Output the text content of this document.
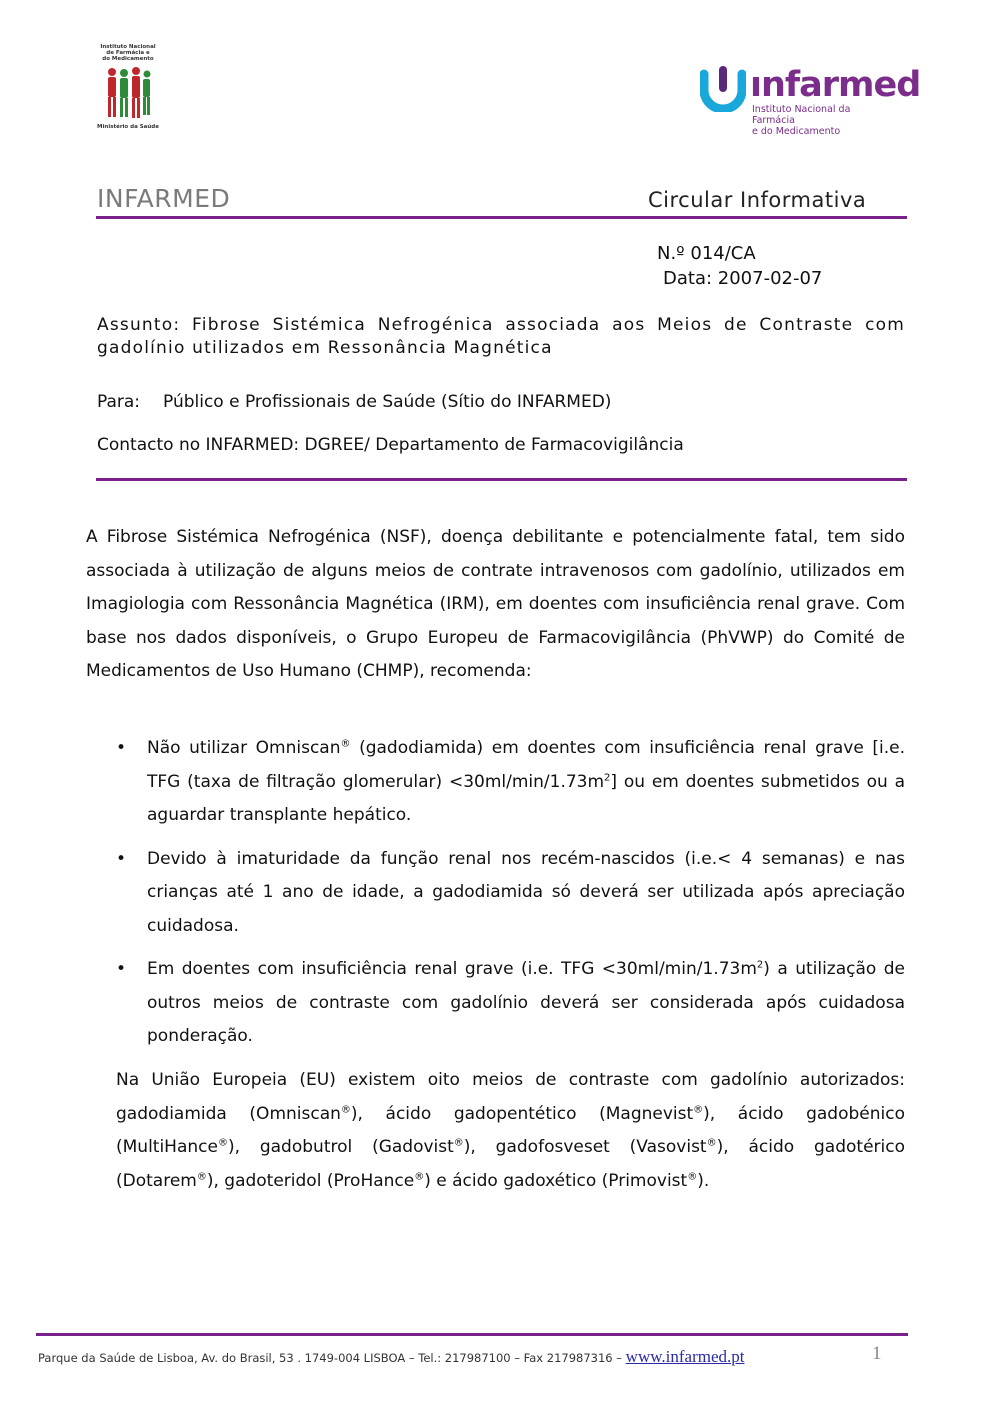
Instituto Nacional
de Farmácia e
do Medicamento
Ministério da Saúde
ınfarmed
Instituto Nacional da Farmácia
e do Medicamento
INFARMED	Circular Informativa
N.º 014/CA
Data: 2007-02-07
Assunto: Fibrose Sistémica Nefrogénica associada aos Meios de Contraste com gadolínio utilizados em Ressonância Magnética
Para: Público e Profissionais de Saúde (Sítio do INFARMED)
Contacto no INFARMED: DGREE/ Departamento de Farmacovigilância
A Fibrose Sistémica Nefrogénica (NSF), doença debilitante e potencialmente fatal, tem sido associada à utilização de alguns meios de contrate intravenosos com gadolínio, utilizados em Imagiologia com Ressonância Magnética (IRM), em doentes com insuficiência renal grave. Com base nos dados disponíveis, o Grupo Europeu de Farmacovigilância (PhVWP) do Comité de Medicamentos de Uso Humano (CHMP), recomenda:
• Não utilizar Omniscan® (gadodiamida) em doentes com insuficiência renal grave [i.e. TFG (taxa de filtração glomerular) $<30ml/\min/1.73m^2$] ou em doentes submetidos ou a aguardar transplante hepático.
• Devido à imaturidade da função renal nos recém-nascidos (i.e.< 4 semanas) e nas crianças até 1 ano de idade, a gadodiamida só deverá ser utilizada após apreciação cuidadosa.
• Em doentes com insuficiência renal grave (i.e. TFG $<30ml/\min/1.73m^2$) a utilização de outros meios de contraste com gadolínio deverá ser considerada após cuidadosa ponderação.
Na União Europeia (EU) existem oito meios de contraste com gadolínio autorizados: gadodiamida (Omniscan®), ácido gadopentético (Magnevist®), ácido gadobénico (MultiHance®), gadobutrol (Gadovist®), gadofosveset (Vasovist®), ácido gadotérico (Dotarem®), gadoteridol (ProHance®) e ácido gadoxético (Primovist®).
Parque da Saúde de Lisboa, Av. do Brasil, 53 . 1749-004 LISBOA – Tel.: 217987100 – Fax 217987316 – www.infarmed.pt	1
